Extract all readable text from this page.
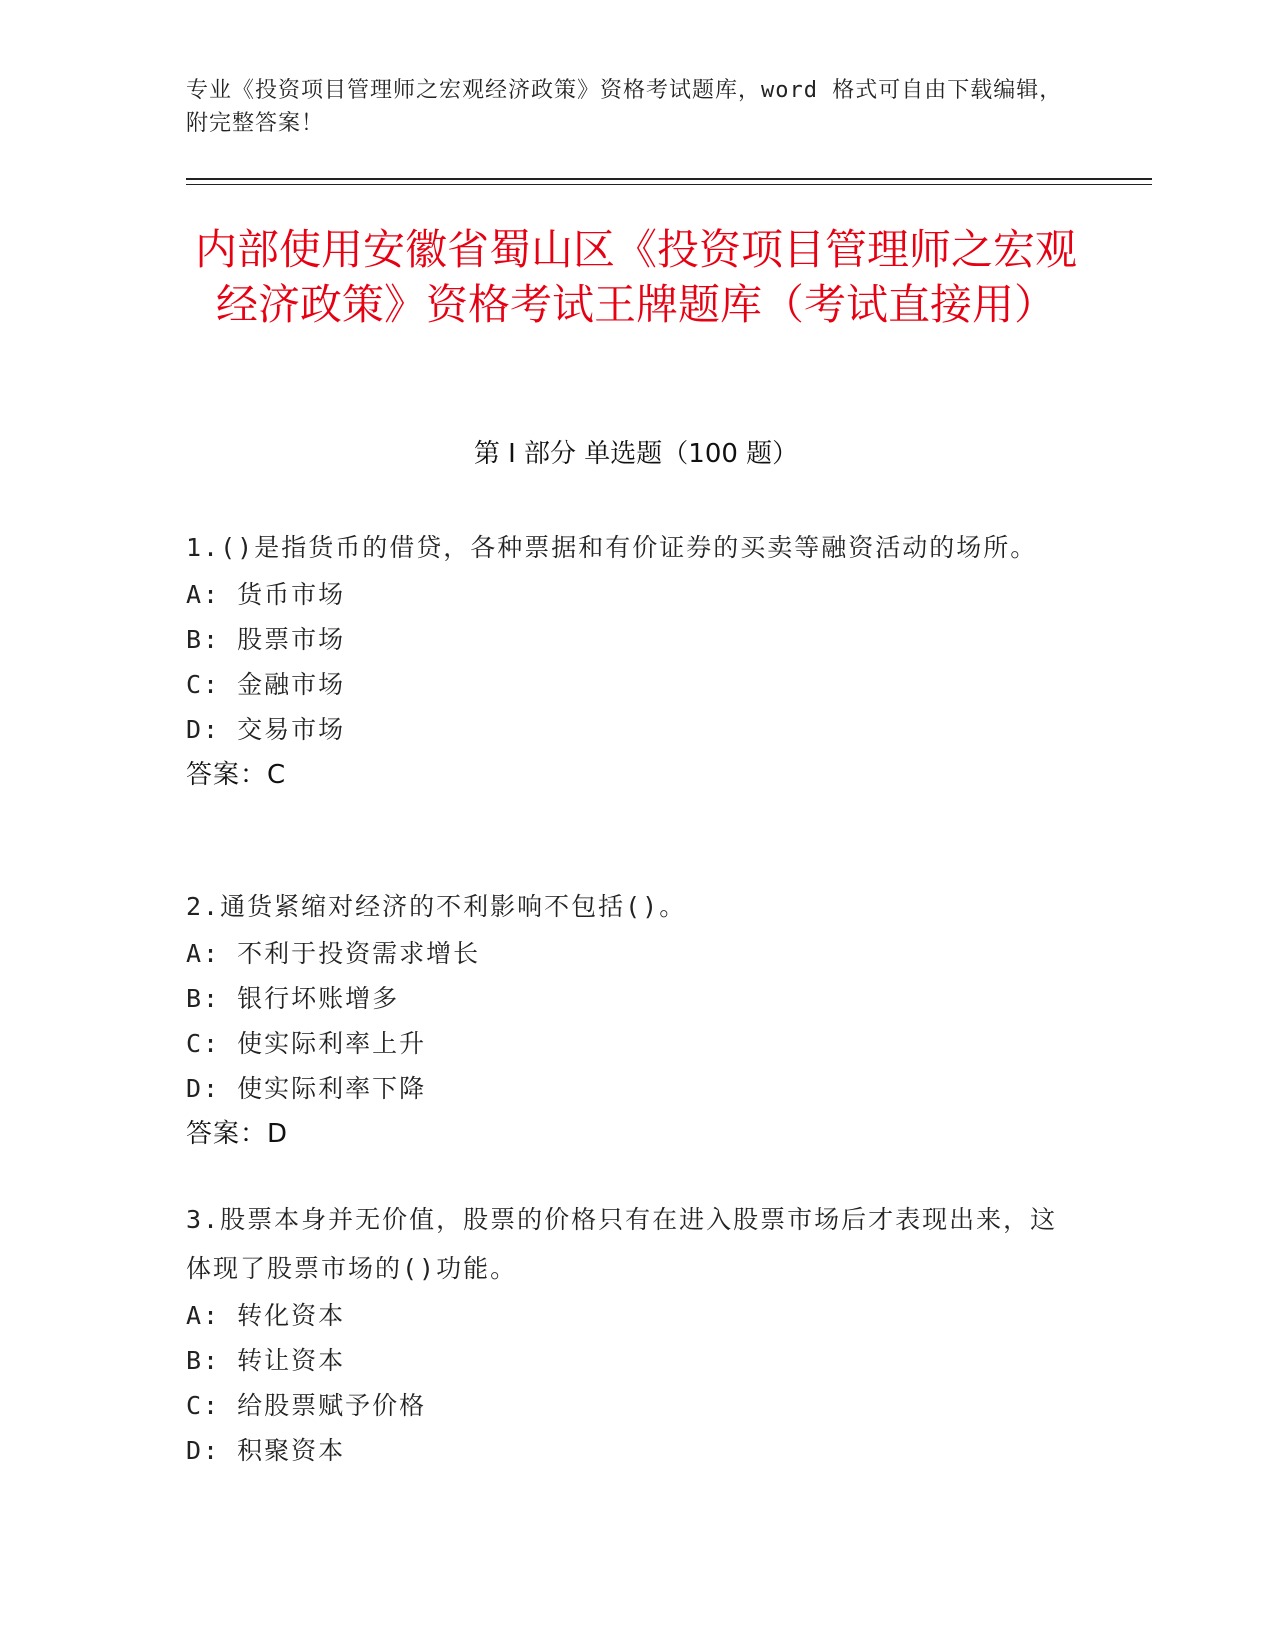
专业《投资项目管理师之宏观经济政策》资格考试题库，word 格式可自由下载编辑，附完整答案！
内部使用安徽省蜀山区《投资项目管理师之宏观经济政策》资格考试王牌题库（考试直接用）
第 I 部分 单选题（100 题）

1.()是指货币的借贷，各种票据和有价证券的买卖等融资活动的场所。

A: 货币市场

B: 股票市场

C: 金融市场

D: 交易市场

答案：C

2.通货紧缩对经济的不利影响不包括()。

A: 不利于投资需求增长

B: 银行坏账增多

C: 使实际利率上升

D: 使实际利率下降

答案：D

3.股票本身并无价值，股票的价格只有在进入股票市场后才表现出来，这体现了股票市场的()功能。

A: 转化资本

B: 转让资本

C: 给股票赋予价格

D: 积聚资本
